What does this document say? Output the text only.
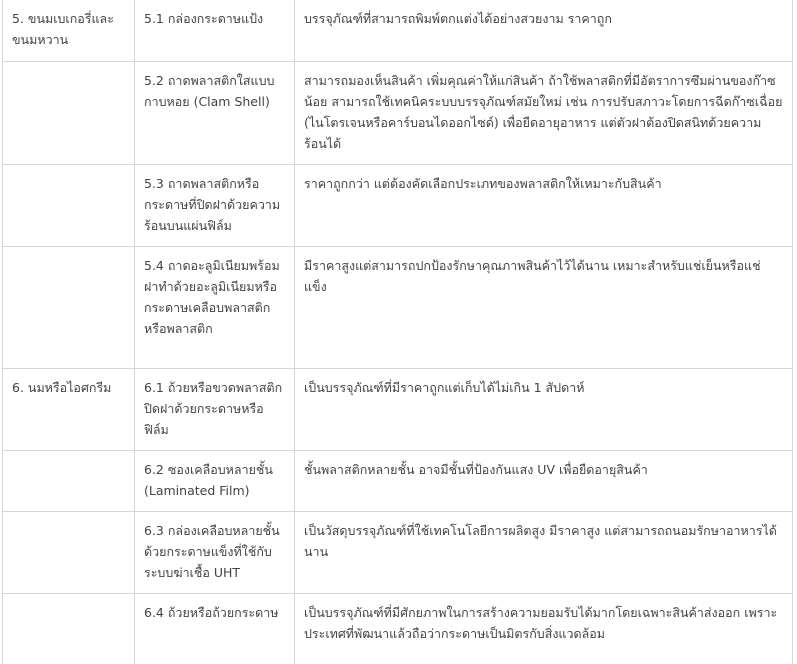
5. ขนมเบเกอรี่และขนมหวาน	5.1 กล่องกระดาษแป้ง	บรรจุภัณฑ์ที่สามารถพิมพ์ตกแต่งได้อย่างสวยงาม ราคาถูก
	5.2 ถาดพลาสติกใสแบบกาบหอย (Clam Shell)	สามารถมองเห็นสินค้า เพิ่มคุณค่าให้แก่สินค้า ถ้าใช้พลาสติกที่มีอัตราการซึมผ่านของก๊าซน้อย สามารถใช้เทคนิคระบบบรรจุภัณฑ์สมัยใหม่ เช่น การปรับสภาวะโดยการฉีดก๊าซเฉื่อย (ไนโตรเจนหรือคาร์บอนไดออกไซด์) เพื่อยืดอายุอาหาร แต่ตัวฝาต้องปิดสนิทด้วยความร้อนได้
	5.3 ถาดพลาสติกหรือกระดาษที่ปิดฝาด้วยความร้อนบนแผ่นฟิล์ม	ราคาถูกกว่า แต่ต้องคัดเลือกประเภทของพลาสติกให้เหมาะกับสินค้า
	5.4 ถาดอะลูมิเนียมพร้อมฝาทำด้วยอะลูมิเนียมหรือกระดาษเคลือบพลาสติกหรือพลาสติก	มีราคาสูงแต่สามารถปกป้องรักษาคุณภาพสินค้าไว้ได้นาน เหมาะสำหรับแช่เย็นหรือแช่แข็ง
6. นมหรือไอศกรีม	6.1 ถ้วยหรือขวดพลาสติกปิดฝาด้วยกระดาษหรือฟิล์ม	เป็นบรรจุภัณฑ์ที่มีราคาถูกแต่เก็บได้ไม่เกิน 1 สัปดาห์
	6.2 ซองเคลือบหลายชั้น (Laminated Film)	ชั้นพลาสติกหลายชั้น อาจมีชั้นที่ป้องกันแสง UV เพื่อยืดอายุสินค้า
	6.3 กล่องเคลือบหลายชั้นด้วยกระดาษแข็งที่ใช้กับระบบฆ่าเชื้อ UHT	เป็นวัสดุบรรจุภัณฑ์ที่ใช้เทคโนโลยีการผลิตสูง มีราคาสูง แต่สามารถถนอมรักษาอาหารได้นาน
	6.4 ถ้วยหรือถ้วยกระดาษ	เป็นบรรจุภัณฑ์ที่มีศักยภาพในการสร้างความยอมรับได้มากโดยเฉพาะสินค้าส่งออก เพราะประเทศที่พัฒนาแล้วถือว่ากระดาษเป็นมิตรกับสิ่งแวดล้อม
